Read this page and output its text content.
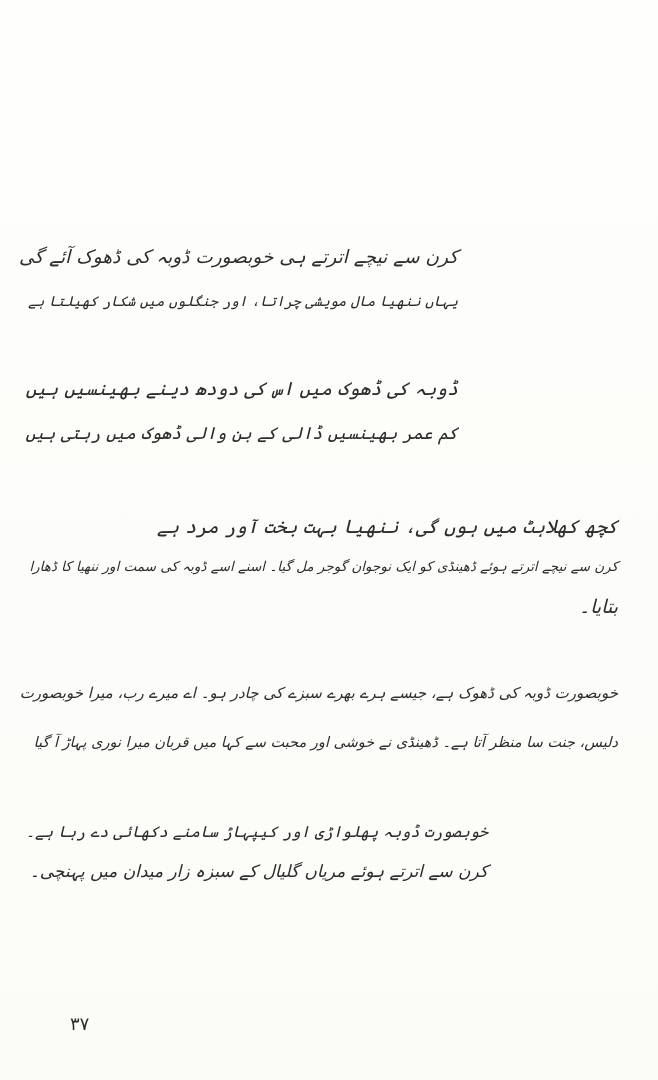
کرن سے نیچے اترتے ہی خوبصورت ڈوبہ کی ڈھوک آئے گی
یہاں ننھیا مال مویشی چراتا، اور جنگلوں میں شکار کھیلتا ہے
ڈوبہ کی ڈھوک میں اس کی دودھ دینے بھینسیں ہیں
کم عمر بھینسیں ڈالی کے بن والی ڈھوک میں رہتی ہیں
کچھ کھلاہٹ میں ہوں گی، ننھیا بہت بخت آور مرد ہے
کرن سے نیچے اترتے ہوئے ڈھینڈی کو ایک نوجوان گوجر مل گیا۔ اسنے اسے ڈوبہ کی سمت اور ننھیا کا ڈھارا
بتایا۔
خوبصورت ڈوبہ کی ڈھوک ہے، جیسے ہرے بھرے سبزے کی چادر ہو۔ اے میرے رب، میرا خوبصورت
دلیس، جنت سا منظر آتا ہے۔ ڈھینڈی نے خوشی اور محبت سے کہا میں قربان میرا نوری پہاڑ آ گیا
خوبصورت ڈوبہ پھلواڑی اور کیپہاڑ سامنے دکھائی دے رہا ہے۔
کرن سے اترتے ہوئے مریاں گلیال کے سبزہ زار میدان میں پہنچی۔
۳۷
